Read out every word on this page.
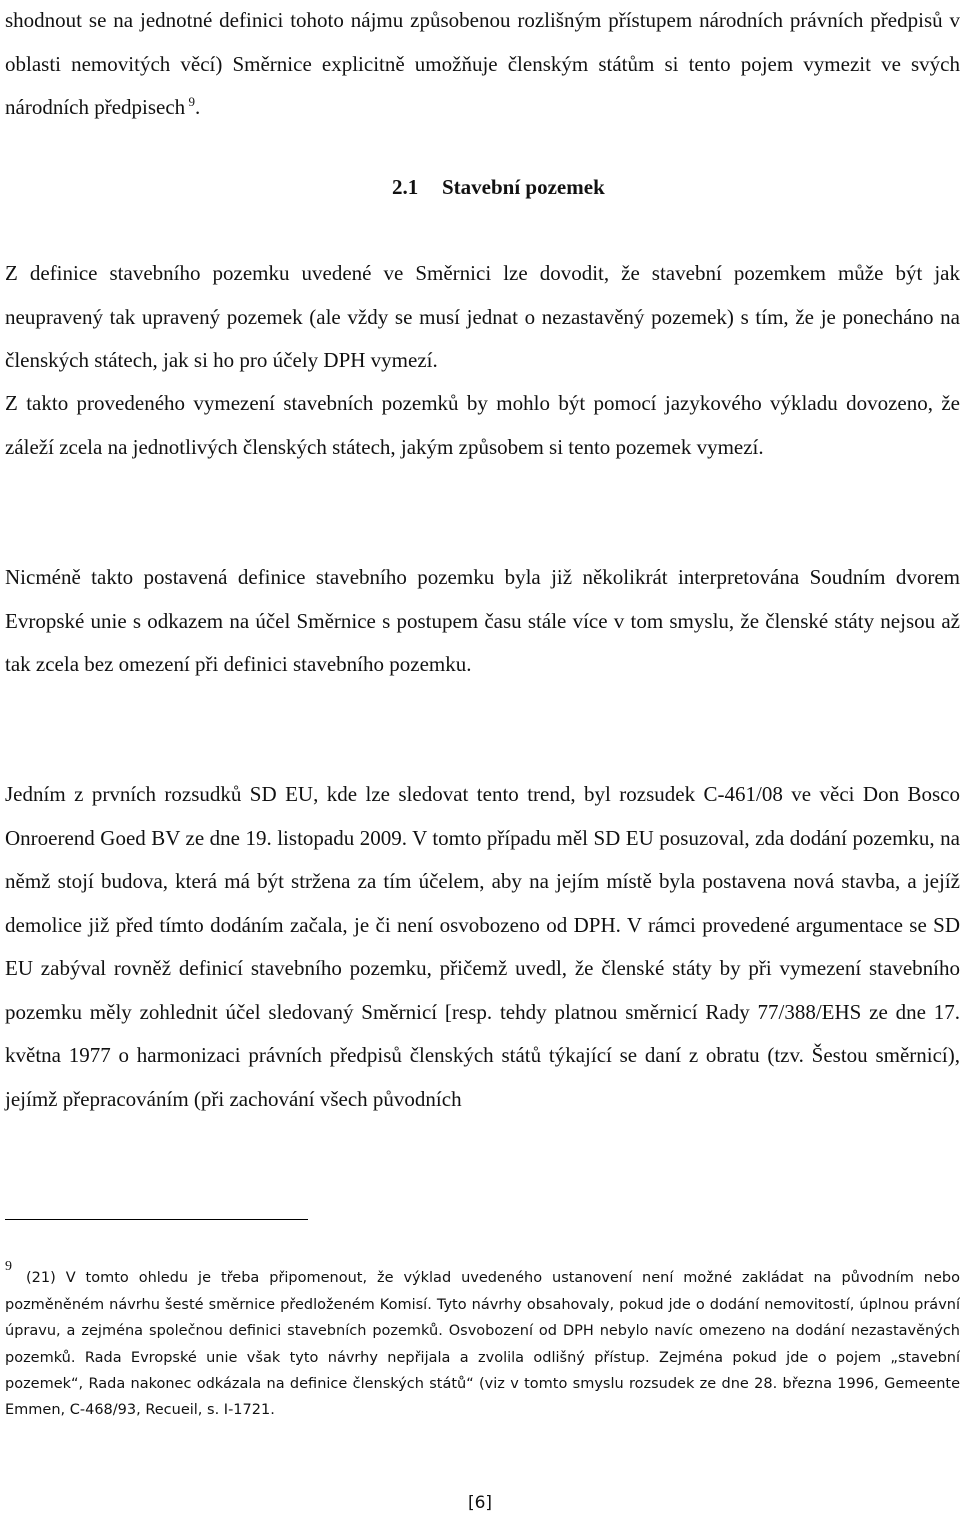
shodnout se na jednotné definici tohoto nájmu způsobenou rozlišným přístupem národních právních předpisů v oblasti nemovitých věcí) Směrnice explicitně umožňuje členským státům si tento pojem vymezit ve svých národních předpisech $^9$.

2.1 Stavební pozemek

Z definice stavebního pozemku uvedené ve Směrnici lze dovodit, že stavební pozemkem může být jak neupravený tak upravený pozemek (ale vždy se musí jednat o nezastavěný pozemek) s tím, že je ponecháno na členských státech, jak si ho pro účely DPH vymezí.

Z takto provedeného vymezení stavebních pozemků by mohlo být pomocí jazykového výkladu dovozeno, že záleží zcela na jednotlivých členských státech, jakým způsobem si tento pozemek vymezí.

Nicméně takto postavená definice stavebního pozemku byla již několikrát interpretována Soudním dvorem Evropské unie s odkazem na účel Směrnice s postupem času stále více v tom smyslu, že členské státy nejsou až tak zcela bez omezení při definici stavebního pozemku.

Jedním z prvních rozsudků SD EU, kde lze sledovat tento trend, byl rozsudek C-461/08 ve věci Don Bosco Onroerend Goed BV ze dne 19. listopadu 2009. V tomto případu měl SD EU posuzoval, zda dodání pozemku, na němž stojí budova, která má být stržena za tím účelem, aby na jejím místě byla postavena nová stavba, a jejíž demolice již před tímto dodáním začala, je či není osvobozeno od DPH. V rámci provedené argumentace se SD EU zabýval rovněž definicí stavebního pozemku, přičemž uvedl, že členské státy by při vymezení stavebního pozemku měly zohlednit účel sledovaný Směrnicí [resp. tehdy platnou směrnicí Rady 77/388/EHS ze dne 17. května 1977 o harmonizaci právních předpisů členských států týkající se daní z obratu (tzv. Šestou směrnicí), jejímž přepracováním (při zachování všech původních

9(21) V tomto ohledu je třeba připomenout, že výklad uvedeného ustanovení není možné zakládat na původním nebo pozměněném návrhu šesté směrnice předloženém Komisí. Tyto návrhy obsahovaly, pokud jde o dodání nemovitostí, úplnou právní úpravu, a zejména společnou definici stavebních pozemků. Osvobození od DPH nebylo navíc omezeno na dodání nezastavěných pozemků. Rada Evropské unie však tyto návrhy nepřijala a zvolila odlišný přístup. Zejména pokud jde o pojem „stavební pozemek“, Rada nakonec odkázala na definice členských států“ (viz v tomto smyslu rozsudek ze dne 28. března 1996, Gemeente Emmen, C-468/93, Recueil, s. I-1721.

[6]
